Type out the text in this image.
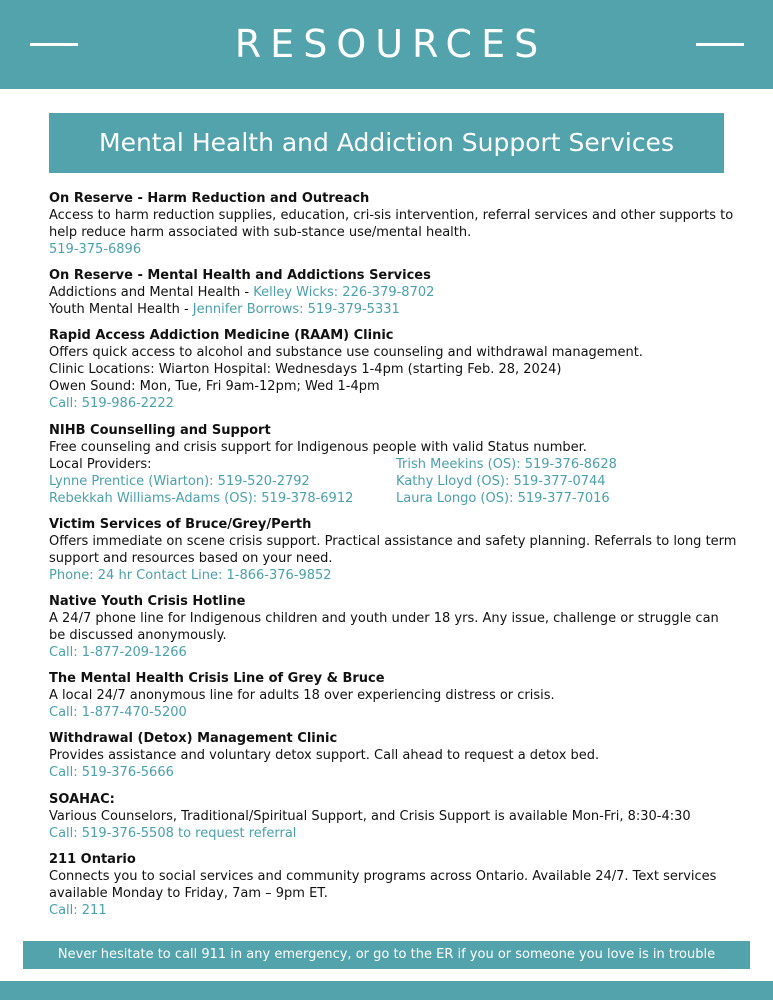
RESOURCES
Mental Health and Addiction Support Services

On Reserve - Harm Reduction and Outreach

Access to harm reduction supplies, education, cri-sis intervention, referral services and other supports to help reduce harm associated with sub-stance use/mental health.

519-375-6896

On Reserve - Mental Health and Addictions Services

Addictions and Mental Health - Kelley Wicks: 226-379-8702

Youth Mental Health - Jennifer Borrows: 519-379-5331

Rapid Access Addiction Medicine (RAAM) Clinic

Offers quick access to alcohol and substance use counseling and withdrawal management.

Clinic Locations: Wiarton Hospital: Wednesdays 1-4pm (starting Feb. 28, 2024)

Owen Sound: Mon, Tue, Fri 9am-12pm; Wed 1-4pm

Call: 519-986-2222

NIHB Counselling and Support

Free counseling and crisis support for Indigenous people with valid Status number.

Local Providers:

Lynne Prentice (Wiarton): 519-520-2792

Rebekkah Williams-Adams (OS): 519-378-6912

Trish Meekins (OS): 519-376-8628

Kathy Lloyd (OS): 519-377-0744

Laura Longo (OS): 519-377-7016

Victim Services of Bruce/Grey/Perth

Offers immediate on scene crisis support. Practical assistance and safety planning. Referrals to long term support and resources based on your need.

Phone: 24 hr Contact Line: 1-866-376-9852

Native Youth Crisis Hotline

A 24/7 phone line for Indigenous children and youth under 18 yrs. Any issue, challenge or struggle can be discussed anonymously.

Call: 1-877-209-1266

The Mental Health Crisis Line of Grey & Bruce

A local 24/7 anonymous line for adults 18 over experiencing distress or crisis.

Call: 1-877-470-5200

Withdrawal (Detox) Management Clinic

Provides assistance and voluntary detox support. Call ahead to request a detox bed.

Call: 519-376-5666

SOAHAC:

Various Counselors, Traditional/Spiritual Support, and Crisis Support is available Mon-Fri, 8:30-4:30

Call: 519-376-5508 to request referral

211 Ontario

Connects you to social services and community programs across Ontario. Available 24/7. Text services available Monday to Friday, 7am – 9pm ET.

Call: 211

Never hesitate to call 911 in any emergency, or go to the ER if you or someone you love is in trouble
